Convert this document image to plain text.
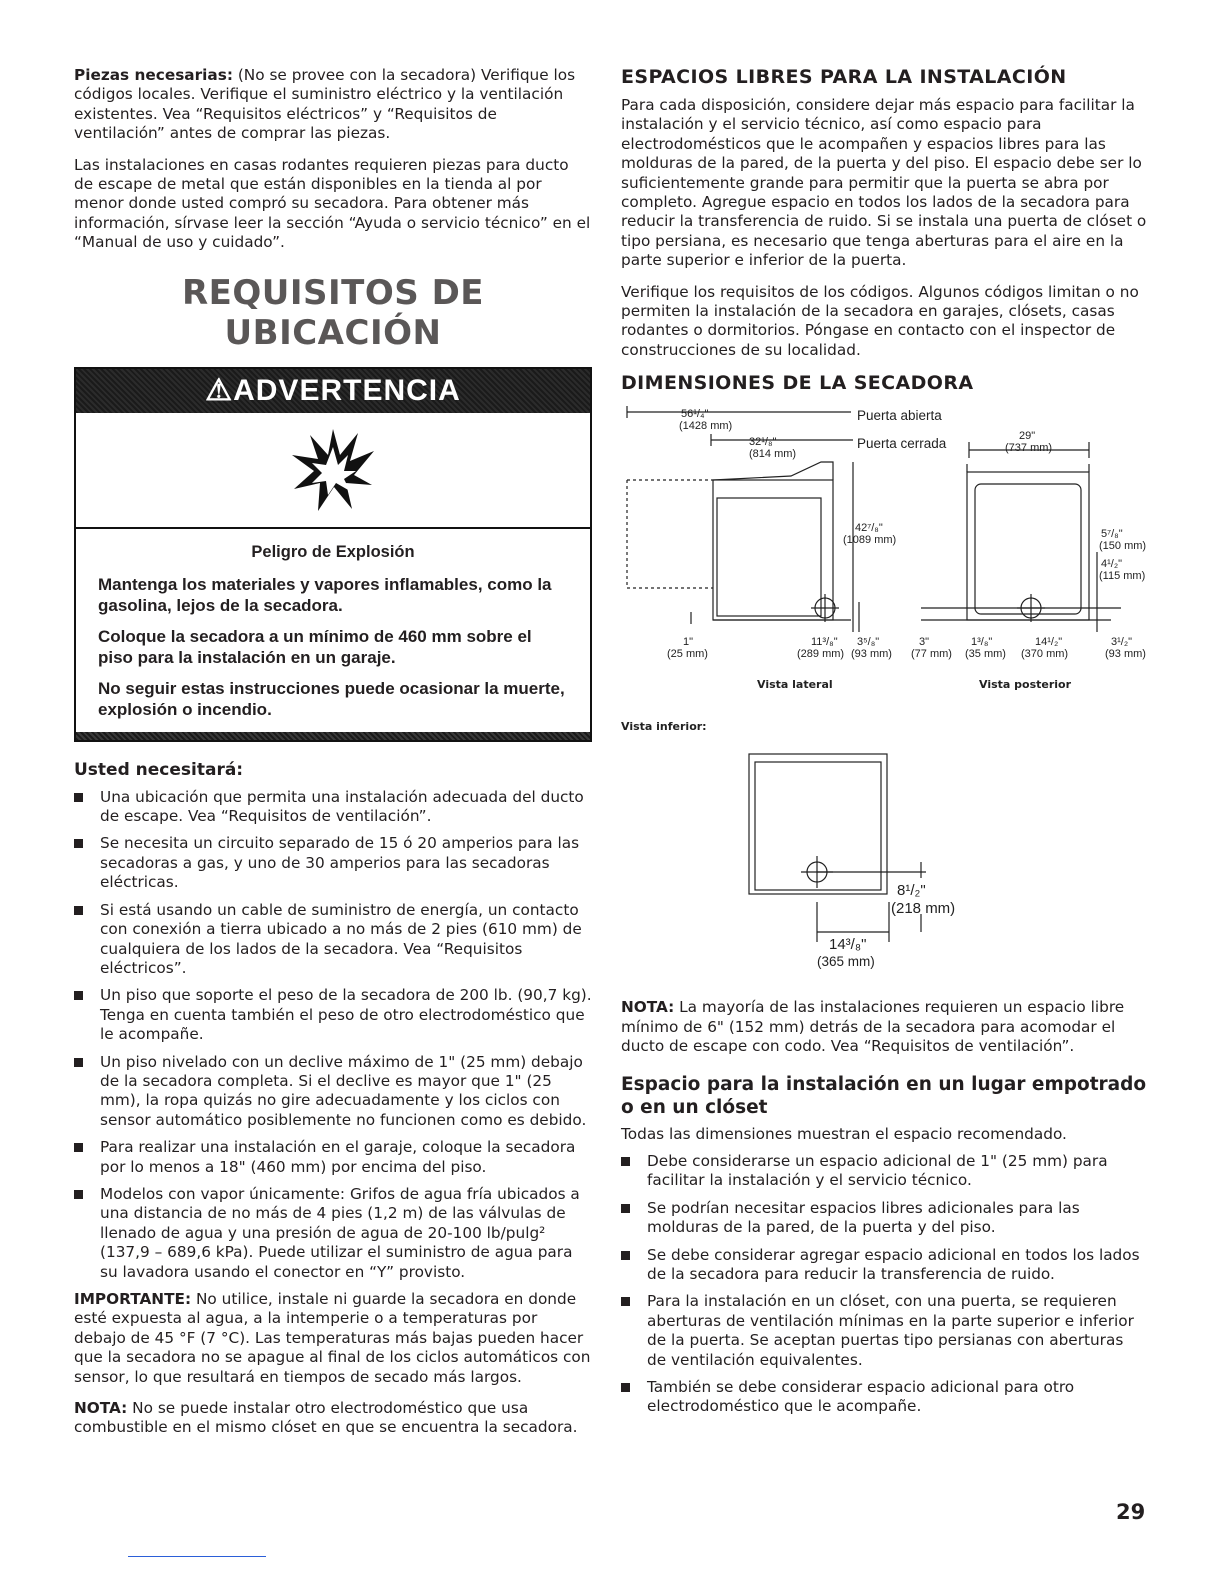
Piezas necesarias: (No se provee con la secadora) Verifique los códigos locales. Verifique el suministro eléctrico y la ventilación existentes. Vea “Requisitos eléctricos” y “Requisitos de ventilación” antes de comprar las piezas.

Las instalaciones en casas rodantes requieren piezas para ducto de escape de metal que están disponibles en la tienda al por menor donde usted compró su secadora. Para obtener más información, sírvase leer la sección “Ayuda o servicio técnico” en el “Manual de uso y cuidado”.

REQUISITOS DE UBICACIÓN
⚠ADVERTENCIA
Peligro de Explosión
Mantenga los materiales y vapores inflamables, como la gasolina, lejos de la secadora.
Coloque la secadora a un mínimo de 460 mm sobre el piso para la instalación en un garaje.
No seguir estas instrucciones puede ocasionar la muerte, explosión o incendio.
Usted necesitará:
Una ubicación que permita una instalación adecuada del ducto de escape. Vea “Requisitos de ventilación”.
Se necesita un circuito separado de 15 ó 20 amperios para las secadoras a gas, y uno de 30 amperios para las secadoras eléctricas.
Si está usando un cable de suministro de energía, un contacto con conexión a tierra ubicado a no más de 2 pies (610 mm) de cualquiera de los lados de la secadora. Vea “Requisitos eléctricos”.
Un piso que soporte el peso de la secadora de 200 lb. (90,7 kg). Tenga en cuenta también el peso de otro electrodoméstico que le acompañe.
Un piso nivelado con un declive máximo de 1" (25 mm) debajo de la secadora completa. Si el declive es mayor que 1" (25 mm), la ropa quizás no gire adecuadamente y los ciclos con sensor automático posiblemente no funcionen como es debido.
Para realizar una instalación en el garaje, coloque la secadora por lo menos a 18" (460 mm) por encima del piso.
Modelos con vapor únicamente: Grifos de agua fría ubicados a una distancia de no más de 4 pies (1,2 m) de las válvulas de llenado de agua y una presión de agua de 20-100 lb/pulg² (137,9 – 689,6 kPa). Puede utilizar el suministro de agua para su lavadora usando el conector en “Y” provisto.

IMPORTANTE: No utilice, instale ni guarde la secadora en donde esté expuesta al agua, a la intemperie o a temperaturas por debajo de 45 °F (7 °C). Las temperaturas más bajas pueden hacer que la secadora no se apague al final de los ciclos automáticos con sensor, lo que resultará en tiempos de secado más largos.

NOTA: No se puede instalar otro electrodoméstico que usa combustible en el mismo clóset en que se encuentra la secadora.

ESPACIOS LIBRES PARA LA INSTALACIÓN

Para cada disposición, considere dejar más espacio para facilitar la instalación y el servicio técnico, así como espacio para electrodomésticos que le acompañen y espacios libres para las molduras de la pared, de la puerta y del piso. El espacio debe ser lo suficientemente grande para permitir que la puerta se abra por completo. Agregue espacio en todos los lados de la secadora para reducir la transferencia de ruido. Si se instala una puerta de clóset o tipo persiana, es necesario que tenga aberturas para el aire en la parte superior e inferior de la puerta.

Verifique los requisitos de los códigos. Algunos códigos limitan o no permiten la instalación de la secadora en garajes, clósets, casas rodantes o dormitorios. Póngase en contacto con el inspector de construcciones de su localidad.

DIMENSIONES DE LA SECADORA
56¹/₄"
(1428 mm)
Puerta abierta
32¹/₈"
(814 mm)
Puerta cerrada	29"
(737 mm)
42⁷/₈"
(1089 mm)	5⁷/₈"
(150 mm)
4¹/₂"
(115 mm)
1"
(25 mm)
11³/₈"
(289 mm)
3⁵/₈"
(93 mm)
3"
(77 mm)
1³/₈"
(35 mm)
14¹/₂"
(370 mm)
3¹/₂"
(93 mm)
Vista lateral	Vista posterior
Vista inferior:
8¹/₂"
(218 mm)
14³/₈"
(365 mm)

NOTA: La mayoría de las instalaciones requieren un espacio libre mínimo de 6" (152 mm) detrás de la secadora para acomodar el ducto de escape con codo. Vea “Requisitos de ventilación”.

Espacio para la instalación en un lugar empotrado o en un clóset

Todas las dimensiones muestran el espacio recomendado.

Debe considerarse un espacio adicional de 1" (25 mm) para facilitar la instalación y el servicio técnico.
Se podrían necesitar espacios libres adicionales para las molduras de la pared, de la puerta y del piso.
Se debe considerar agregar espacio adicional en todos los lados de la secadora para reducir la transferencia de ruido.
Para la instalación en un clóset, con una puerta, se requieren aberturas de ventilación mínimas en la parte superior e inferior de la puerta. Se aceptan puertas tipo persianas con aberturas de ventilación equivalentes.
También se debe considerar espacio adicional para otro electrodoméstico que le acompañe.
29
